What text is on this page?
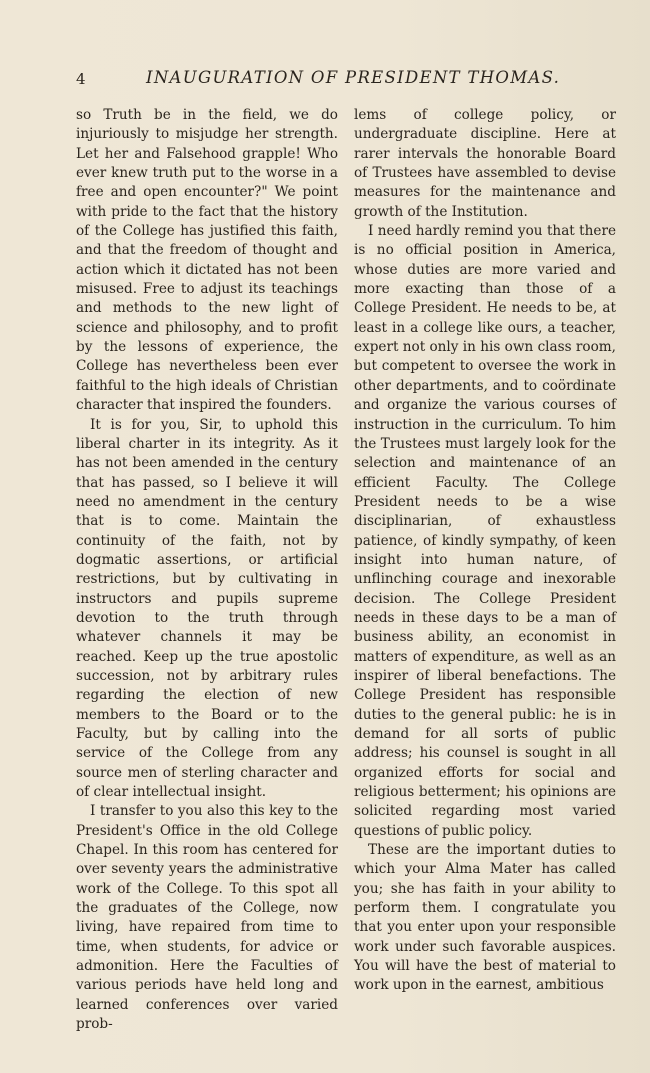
4	INAUGURATION OF PRESIDENT THOMAS.

so Truth be in the field, we do injuriously to misjudge her strength. Let her and Falsehood grapple! Who ever knew truth put to the worse in a free and open encounter?" We point with pride to the fact that the history of the College has justified this faith, and that the freedom of thought and action which it dictated has not been misused. Free to adjust its teachings and methods to the new light of science and philosophy, and to profit by the lessons of experience, the College has nevertheless been ever faithful to the high ideals of Christian character that inspired the founders.

It is for you, Sir, to uphold this liberal charter in its integrity. As it has not been amended in the century that has passed, so I believe it will need no amendment in the century that is to come. Maintain the continuity of the faith, not by dogmatic assertions, or artificial restrictions, but by cultivating in instructors and pupils supreme devotion to the truth through whatever channels it may be reached. Keep up the true apostolic succession, not by arbitrary rules regarding the election of new members to the Board or to the Faculty, but by calling into the service of the College from any source men of sterling character and of clear intellectual insight.

I transfer to you also this key to the President's Office in the old College Chapel. In this room has centered for over seventy years the administrative work of the College. To this spot all the graduates of the College, now living, have repaired from time to time, when students, for advice or admonition. Here the Faculties of various periods have held long and learned conferences over varied prob-

lems of college policy, or undergraduate discipline. Here at rarer intervals the honorable Board of Trustees have assembled to devise measures for the maintenance and growth of the Institution.

I need hardly remind you that there is no official position in America, whose duties are more varied and more exacting than those of a College President. He needs to be, at least in a college like ours, a teacher, expert not only in his own class room, but competent to oversee the work in other departments, and to coördinate and organize the various courses of instruction in the curriculum. To him the Trustees must largely look for the selection and maintenance of an efficient Faculty. The College President needs to be a wise disciplinarian, of exhaustless patience, of kindly sympathy, of keen insight into human nature, of unflinching courage and inexorable decision. The College President needs in these days to be a man of business ability, an economist in matters of expenditure, as well as an inspirer of liberal benefactions. The College President has responsible duties to the general public: he is in demand for all sorts of public address; his counsel is sought in all organized efforts for social and religious betterment; his opinions are solicited regarding most varied questions of public policy.

These are the important duties to which your Alma Mater has called you; she has faith in your ability to perform them. I congratulate you that you enter upon your responsible work under such favorable auspices. You will have the best of material to work upon in the earnest, ambitious
